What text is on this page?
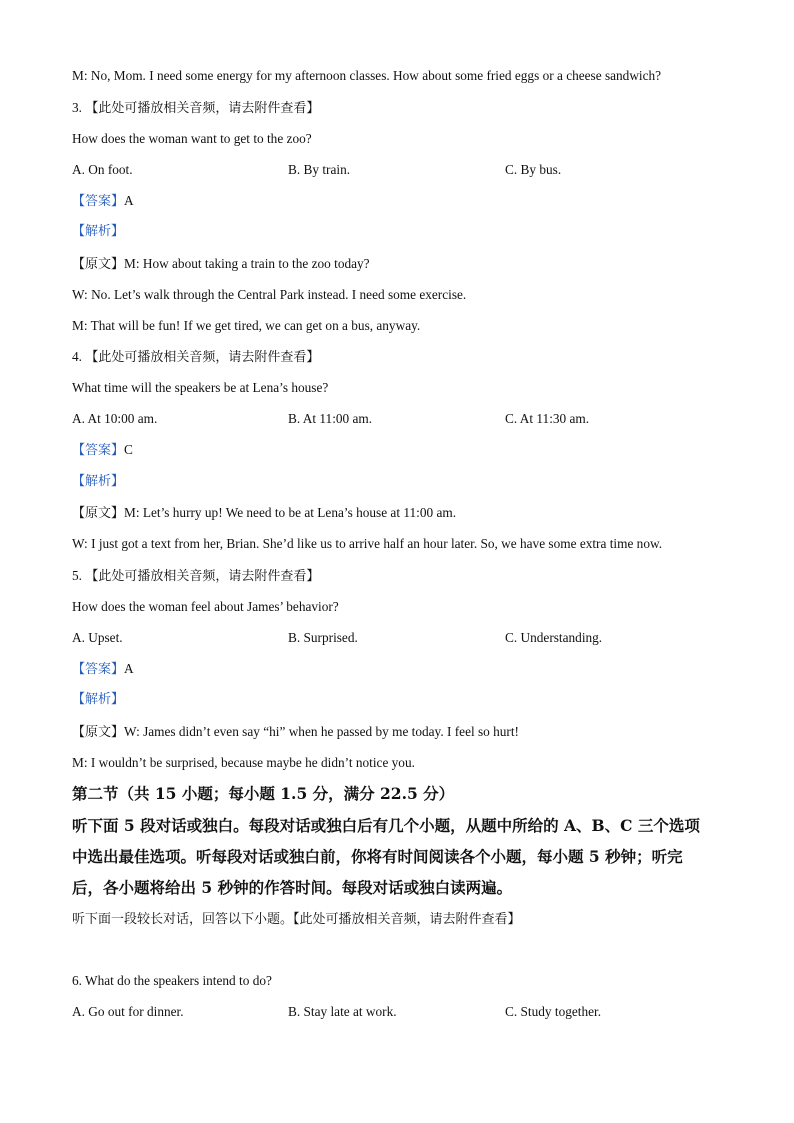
M: No, Mom. I need some energy for my afternoon classes. How about some fried eggs or a cheese sandwich?
3. 【此处可播放相关音频，请去附件查看】
How does the woman want to get to the zoo?
A. On foot.	B. By train.	C. By bus.
【答案】A
【解析】
【原文】M: How about taking a train to the zoo today?
W: No. Let’s walk through the Central Park instead. I need some exercise.
M: That will be fun! If we get tired, we can get on a bus, anyway.
4. 【此处可播放相关音频，请去附件查看】
What time will the speakers be at Lena’s house?
A. At 10:00 am.	B. At 11:00 am.	C. At 11:30 am.
【答案】C
【解析】
【原文】M: Let’s hurry up! We need to be at Lena’s house at 11:00 am.
W: I just got a text from her, Brian. She’d like us to arrive half an hour later. So, we have some extra time now.
5. 【此处可播放相关音频，请去附件查看】
How does the woman feel about James’ behavior?
A. Upset.	B. Surprised.	C. Understanding.
【答案】A
【解析】
【原文】W: James didn’t even say “hi” when he passed by me today. I feel so hurt!
M: I wouldn’t be surprised, because maybe he didn’t notice you.
第二节（共 15 小题；每小题 1.5 分，满分 22.5 分）
听下面 5 段对话或独白。每段对话或独白后有几个小题，从题中所给的 A、B、C 三个选项
中选出最佳选项。听每段对话或独白前，你将有时间阅读各个小题，每小题 5 秒钟；听完
后，各小题将给出 5 秒钟的作答时间。每段对话或独白读两遍。
听下面一段较长对话，回答以下小题。【此处可播放相关音频，请去附件查看】
6. What do the speakers intend to do?
A. Go out for dinner.	B. Stay late at work.	C. Study together.
